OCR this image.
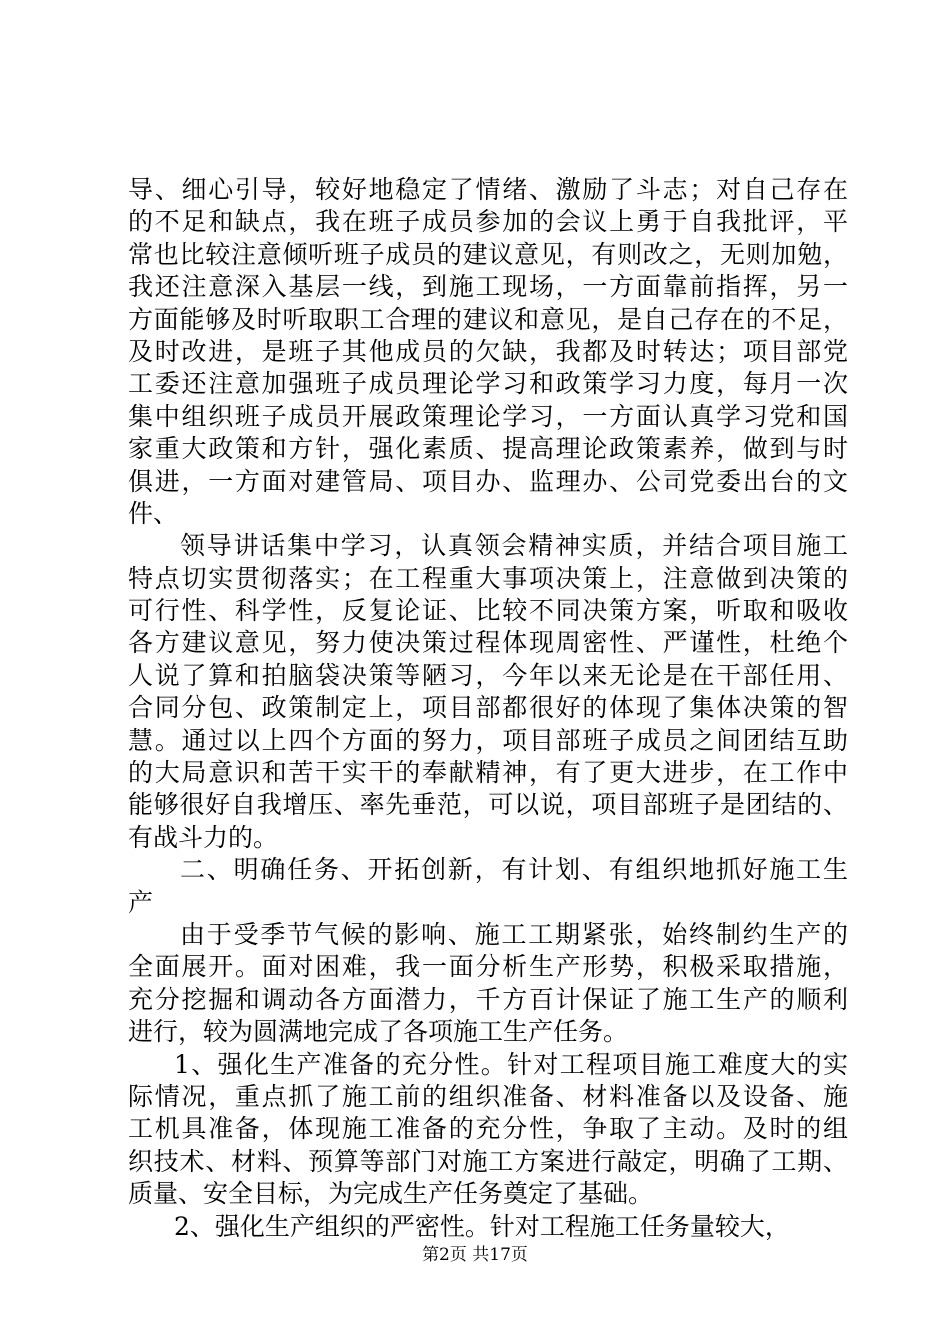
导、细心引导，较好地稳定了情绪、激励了斗志；对自己存在
的不足和缺点，我在班子成员参加的会议上勇于自我批评，平
常也比较注意倾听班子成员的建议意见，有则改之，无则加勉，
我还注意深入基层一线，到施工现场，一方面靠前指挥，另一
方面能够及时听取职工合理的建议和意见，是自己存在的不足，
及时改进，是班子其他成员的欠缺，我都及时转达；项目部党
工委还注意加强班子成员理论学习和政策学习力度，每月一次
集中组织班子成员开展政策理论学习，一方面认真学习党和国
家重大政策和方针，强化素质、提高理论政策素养，做到与时
俱进，一方面对建管局、项目办、监理办、公司党委出台的文
件、
领导讲话集中学习，认真领会精神实质，并结合项目施工
特点切实贯彻落实；在工程重大事项决策上，注意做到决策的
可行性、科学性，反复论证、比较不同决策方案，听取和吸收
各方建议意见，努力使决策过程体现周密性、严谨性，杜绝个
人说了算和拍脑袋决策等陋习，今年以来无论是在干部任用、
合同分包、政策制定上，项目部都很好的体现了集体决策的智
慧。通过以上四个方面的努力，项目部班子成员之间团结互助
的大局意识和苦干实干的奉献精神，有了更大进步，在工作中
能够很好自我增压、率先垂范，可以说，项目部班子是团结的、
有战斗力的。
二、明确任务、开拓创新，有计划、有组织地抓好施工生
产
由于受季节气候的影响、施工工期紧张，始终制约生产的
全面展开。面对困难，我一面分析生产形势，积极采取措施，
充分挖掘和调动各方面潜力，千方百计保证了施工生产的顺利
进行，较为圆满地完成了各项施工生产任务。
1、强化生产准备的充分性。针对工程项目施工难度大的实
际情况，重点抓了施工前的组织准备、材料准备以及设备、施
工机具准备，体现施工准备的充分性，争取了主动。及时的组
织技术、材料、预算等部门对施工方案进行敲定，明确了工期、
质量、安全目标，为完成生产任务奠定了基础。
2、强化生产组织的严密性。针对工程施工任务量较大，
第2页 共17页
